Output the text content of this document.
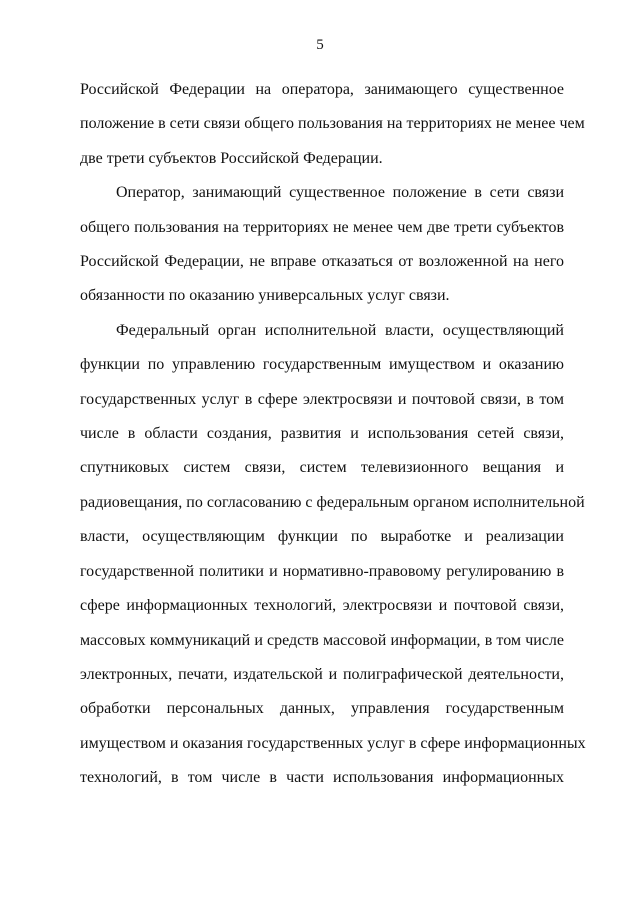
5

Российской Федерации на оператора, занимающего существенное
положение в сети связи общего пользования на территориях не менее чем
две трети субъектов Российской Федерации.

Оператор, занимающий существенное положение в сети связи
общего пользования на территориях не менее чем две трети субъектов
Российской Федерации, не вправе отказаться от возложенной на него
обязанности по оказанию универсальных услуг связи.

Федеральный орган исполнительной власти, осуществляющий
функции по управлению государственным имуществом и оказанию
государственных услуг в сфере электросвязи и почтовой связи, в том
числе в области создания, развития и использования сетей связи,
спутниковых систем связи, систем телевизионного вещания и
радиовещания, по согласованию с федеральным органом исполнительной
власти, осуществляющим функции по выработке и реализации
государственной политики и нормативно-правовому регулированию в
сфере информационных технологий, электросвязи и почтовой связи,
массовых коммуникаций и средств массовой информации, в том числе
электронных, печати, издательской и полиграфической деятельности,
обработки персональных данных, управления государственным
имуществом и оказания государственных услуг в сфере информационных
технологий, в том числе в части использования информационных
